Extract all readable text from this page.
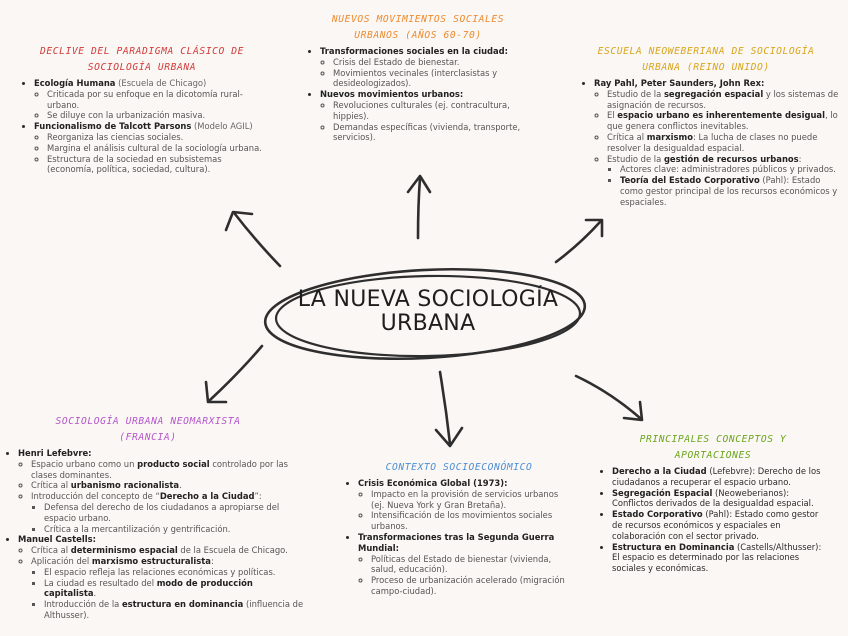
LA NUEVA SOCIOLOGÍA
URBANA
DECLIVE DEL PARADIGMA CLÁSICO DE
SOCIOLOGÍA URBANA
• Ecología Humana (Escuela de Chicago)
◦ Criticada por su enfoque en la dicotomía rural-urbano.
◦ Se diluye con la urbanización masiva.
• Funcionalismo de Talcott Parsons (Modelo AGIL)
◦ Reorganiza las ciencias sociales.
◦ Margina el análisis cultural de la sociología urbana.
◦ Estructura de la sociedad en subsistemas (economía, política, sociedad, cultura).
NUEVOS MOVIMIENTOS SOCIALES
URBANOS (AÑOS 60-70)
• Transformaciones sociales en la ciudad:
◦ Crisis del Estado de bienestar.
◦ Movimientos vecinales (interclasistas y desideologizados).
• Nuevos movimientos urbanos:
◦ Revoluciones culturales (ej. contracultura, hippies).
◦ Demandas específicas (vivienda, transporte, servicios).
ESCUELA NEOWEBERIANA DE SOCIOLOGÍA
URBANA (REINO UNIDO)
• Ray Pahl, Peter Saunders, John Rex:
◦ Estudio de la segregación espacial y los sistemas de asignación de recursos.
◦ El espacio urbano es inherentemente desigual, lo que genera conflictos inevitables.
◦ Crítica al marxismo: La lucha de clases no puede resolver la desigualdad espacial.
◦ Estudio de la gestión de recursos urbanos:
▪ Actores clave: administradores públicos y privados.
▪ Teoría del Estado Corporativo (Pahl): Estado como gestor principal de los recursos económicos y espaciales.
SOCIOLOGÍA URBANA NEOMARXISTA
(FRANCIA)
• Henri Lefebvre:
◦ Espacio urbano como un producto social controlado por las clases dominantes.
◦ Crítica al urbanismo racionalista.
◦ Introducción del concepto de “Derecho a la Ciudad”:
▪ Defensa del derecho de los ciudadanos a apropiarse del espacio urbano.
▪ Crítica a la mercantilización y gentrificación.
• Manuel Castells:
◦ Crítica al determinismo espacial de la Escuela de Chicago.
◦ Aplicación del marxismo estructuralista:
▪ El espacio refleja las relaciones económicas y políticas.
▪ La ciudad es resultado del modo de producción capitalista.
▪ Introducción de la estructura en dominancia (influencia de Althusser).
CONTEXTO SOCIOECONÓMICO
• Crisis Económica Global (1973):
◦ Impacto en la provisión de servicios urbanos (ej. Nueva York y Gran Bretaña).
◦ Intensificación de los movimientos sociales urbanos.
• Transformaciones tras la Segunda Guerra Mundial:
◦ Políticas del Estado de bienestar (vivienda, salud, educación).
◦ Proceso de urbanización acelerado (migración campo-ciudad).
PRINCIPALES CONCEPTOS Y
APORTACIONES
• Derecho a la Ciudad (Lefebvre): Derecho de los ciudadanos a recuperar el espacio urbano.
• Segregación Espacial (Neoweberianos): Conflictos derivados de la desigualdad espacial.
• Estado Corporativo (Pahl): Estado como gestor de recursos económicos y espaciales en colaboración con el sector privado.
• Estructura en Dominancia (Castells/Althusser): El espacio es determinado por las relaciones sociales y económicas.
